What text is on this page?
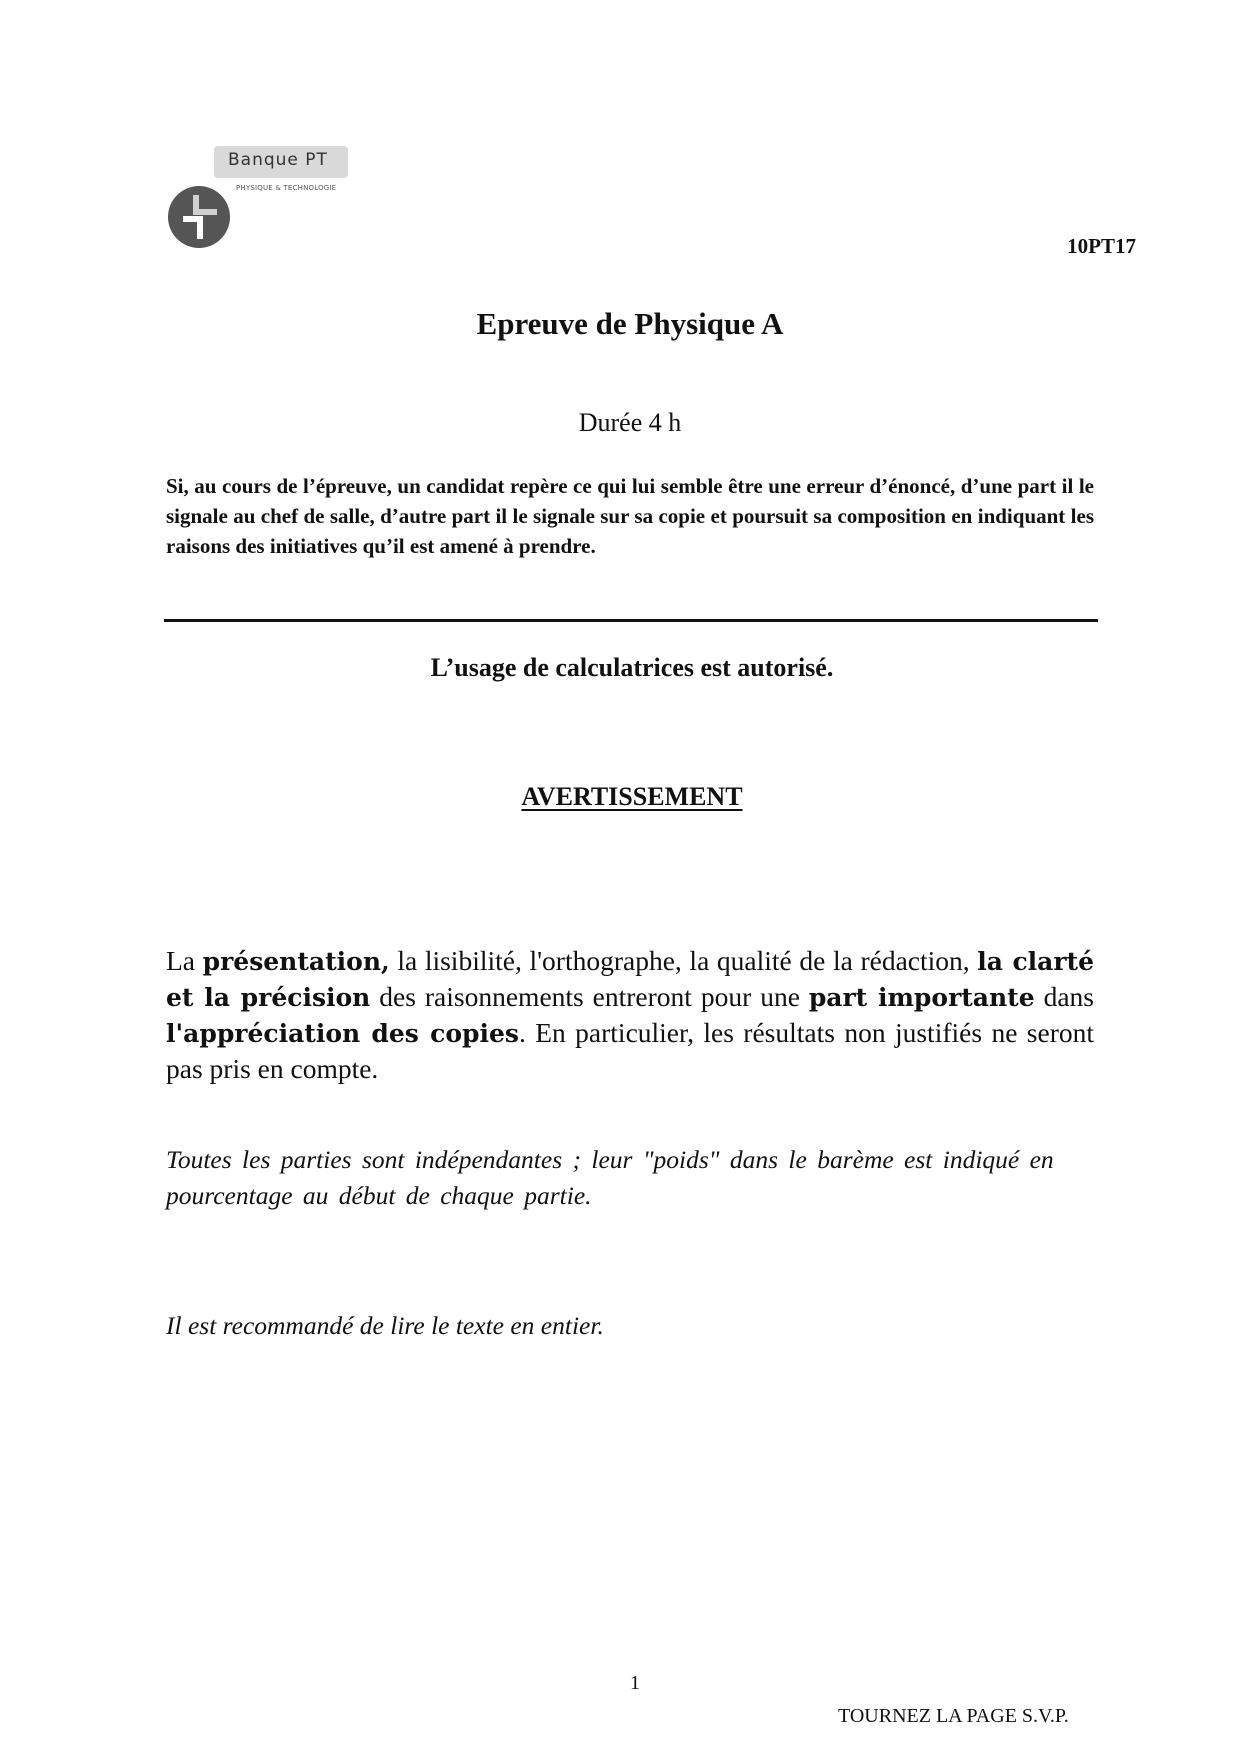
Banque PT
PHYSIQUE & TECHNOLOGIE
10PT17
Epreuve de Physique A
Durée 4 h
Si, au cours de l’épreuve, un candidat repère ce qui lui semble être une erreur d’énoncé, d’une part il le signale au chef de salle, d’autre part il le signale sur sa copie et poursuit sa composition en indiquant les raisons des initiatives qu’il est amené à prendre.
L’usage de calculatrices est autorisé.
AVERTISSEMENT
La présentation, la lisibilité, l'orthographe, la qualité de la rédaction, la clarté et la précision des raisonnements entreront pour une part importante dans l'appréciation des copies. En particulier, les résultats non justifiés ne seront pas pris en compte.
Toutes les parties sont indépendantes ; leur "poids" dans le barème est indiqué en pourcentage au début de chaque partie.
Il est recommandé de lire le texte en entier.
1
TOURNEZ LA PAGE S.V.P.
